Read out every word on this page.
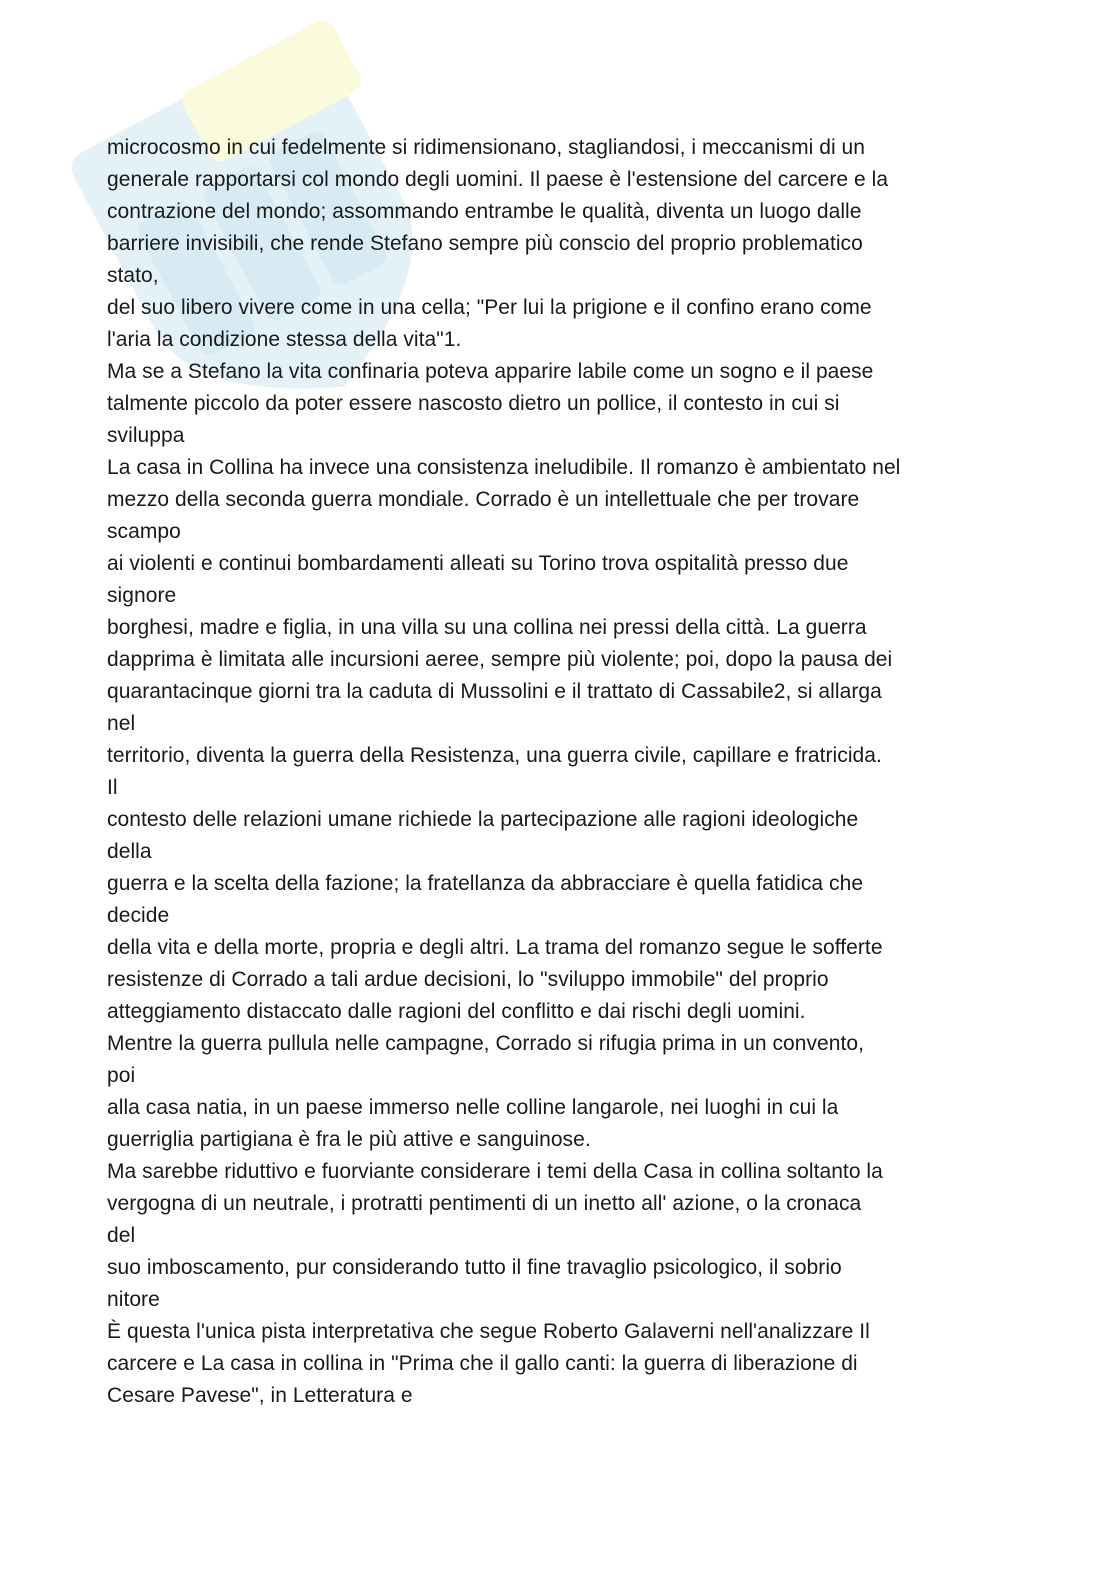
microcosmo in cui fedelmente si ridimensionano, stagliandosi, i meccanismi di un
generale rapportarsi col mondo degli uomini. Il paese è l'estensione del carcere e la
contrazione del mondo; assommando entrambe le qualità, diventa un luogo dalle
barriere invisibili, che rende Stefano sempre più conscio del proprio problematico
stato,
del suo libero vivere come in una cella; "Per lui la prigione e il confino erano come
l'aria la condizione stessa della vita"1.
Ma se a Stefano la vita confinaria poteva apparire labile come un sogno e il paese
talmente piccolo da poter essere nascosto dietro un pollice, il contesto in cui si
sviluppa
La casa in Collina ha invece una consistenza ineludibile. Il romanzo è ambientato nel
mezzo della seconda guerra mondiale. Corrado è un intellettuale che per trovare
scampo
ai violenti e continui bombardamenti alleati su Torino trova ospitalità presso due
signore
borghesi, madre e figlia, in una villa su una collina nei pressi della città. La guerra
dapprima è limitata alle incursioni aeree, sempre più violente; poi, dopo la pausa dei
quarantacinque giorni tra la caduta di Mussolini e il trattato di Cassabile2, si allarga
nel
territorio, diventa la guerra della Resistenza, una guerra civile, capillare e fratricida.
Il
contesto delle relazioni umane richiede la partecipazione alle ragioni ideologiche
della
guerra e la scelta della fazione; la fratellanza da abbracciare è quella fatidica che
decide
della vita e della morte, propria e degli altri. La trama del romanzo segue le sofferte
resistenze di Corrado a tali ardue decisioni, lo "sviluppo immobile" del proprio
atteggiamento distaccato dalle ragioni del conflitto e dai rischi degli uomini.
Mentre la guerra pullula nelle campagne, Corrado si rifugia prima in un convento,
poi
alla casa natia, in un paese immerso nelle colline langarole, nei luoghi in cui la
guerriglia partigiana è fra le più attive e sanguinose.
Ma sarebbe riduttivo e fuorviante considerare i temi della Casa in collina soltanto la
vergogna di un neutrale, i protratti pentimenti di un inetto all' azione, o la cronaca
del
suo imboscamento, pur considerando tutto il fine travaglio psicologico, il sobrio
nitore
È questa l'unica pista interpretativa che segue Roberto Galaverni nell'analizzare Il
carcere e La casa in collina in "Prima che il gallo canti: la guerra di liberazione di
Cesare Pavese", in Letteratura e
